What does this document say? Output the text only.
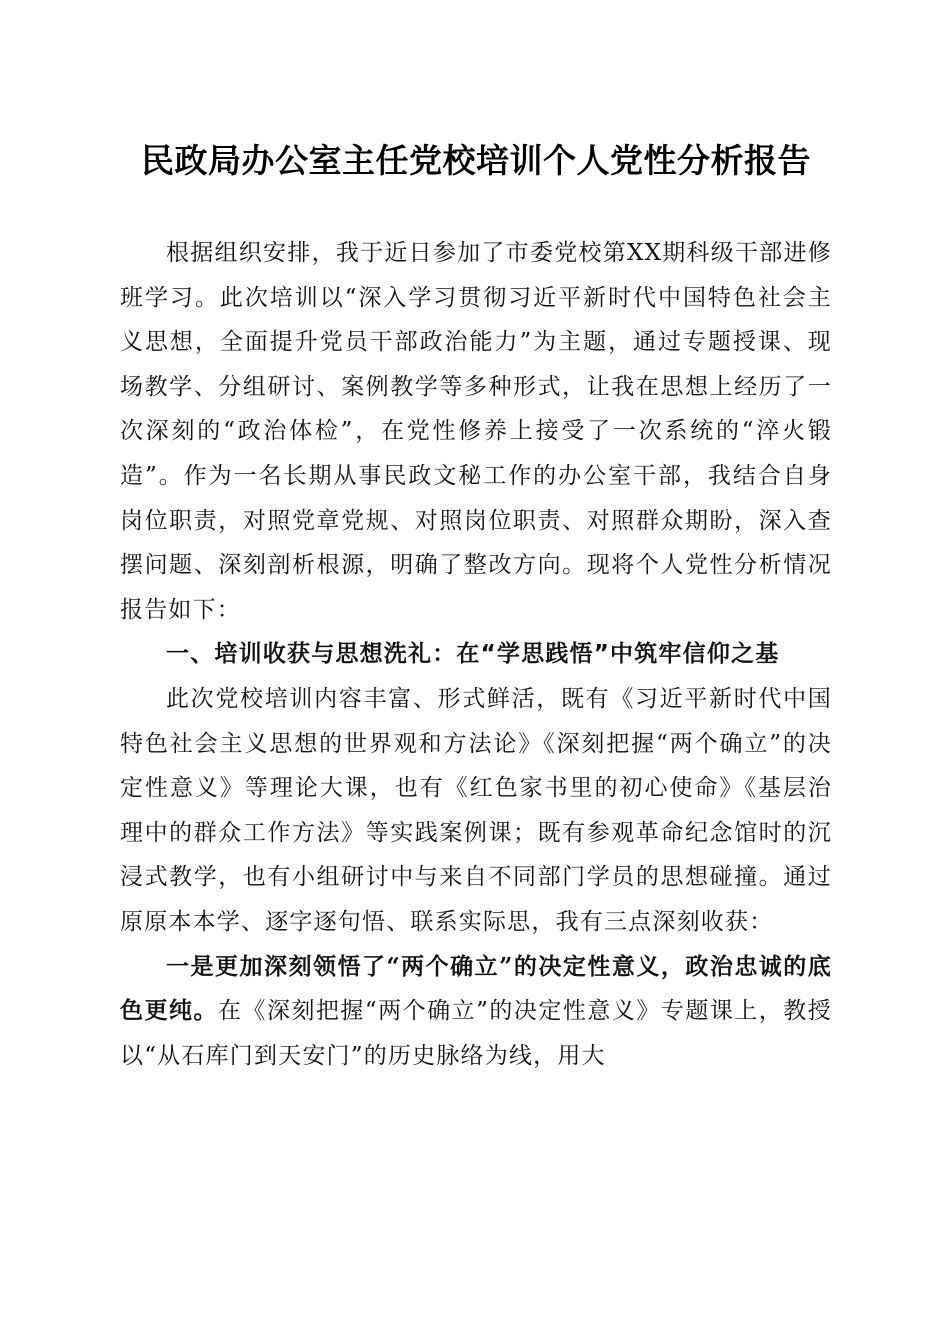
民政局办公室主任党校培训个人党性分析报告

根据组织安排，我于近日参加了市委党校第XX期科级干部进修班学习。此次培训以“深入学习贯彻习近平新时代中国特色社会主义思想，全面提升党员干部政治能力”为主题，通过专题授课、现场教学、分组研讨、案例教学等多种形式，让我在思想上经历了一次深刻的“政治体检”，在党性修养上接受了一次系统的“淬火锻造”。作为一名长期从事民政文秘工作的办公室干部，我结合自身岗位职责，对照党章党规、对照岗位职责、对照群众期盼，深入查摆问题、深刻剖析根源，明确了整改方向。现将个人党性分析情况报告如下：

一、培训收获与思想洗礼：在“学思践悟”中筑牢信仰之基

此次党校培训内容丰富、形式鲜活，既有《习近平新时代中国特色社会主义思想的世界观和方法论》《深刻把握“两个确立”的决定性意义》等理论大课，也有《红色家书里的初心使命》《基层治理中的群众工作方法》等实践案例课；既有参观革命纪念馆时的沉浸式教学，也有小组研讨中与来自不同部门学员的思想碰撞。通过原原本本学、逐字逐句悟、联系实际思，我有三点深刻收获：

一是更加深刻领悟了“两个确立”的决定性意义，政治忠诚的底色更纯。在《深刻把握“两个确立”的决定性意义》专题课上，教授以“从石库门到天安门”的历史脉络为线，用大
